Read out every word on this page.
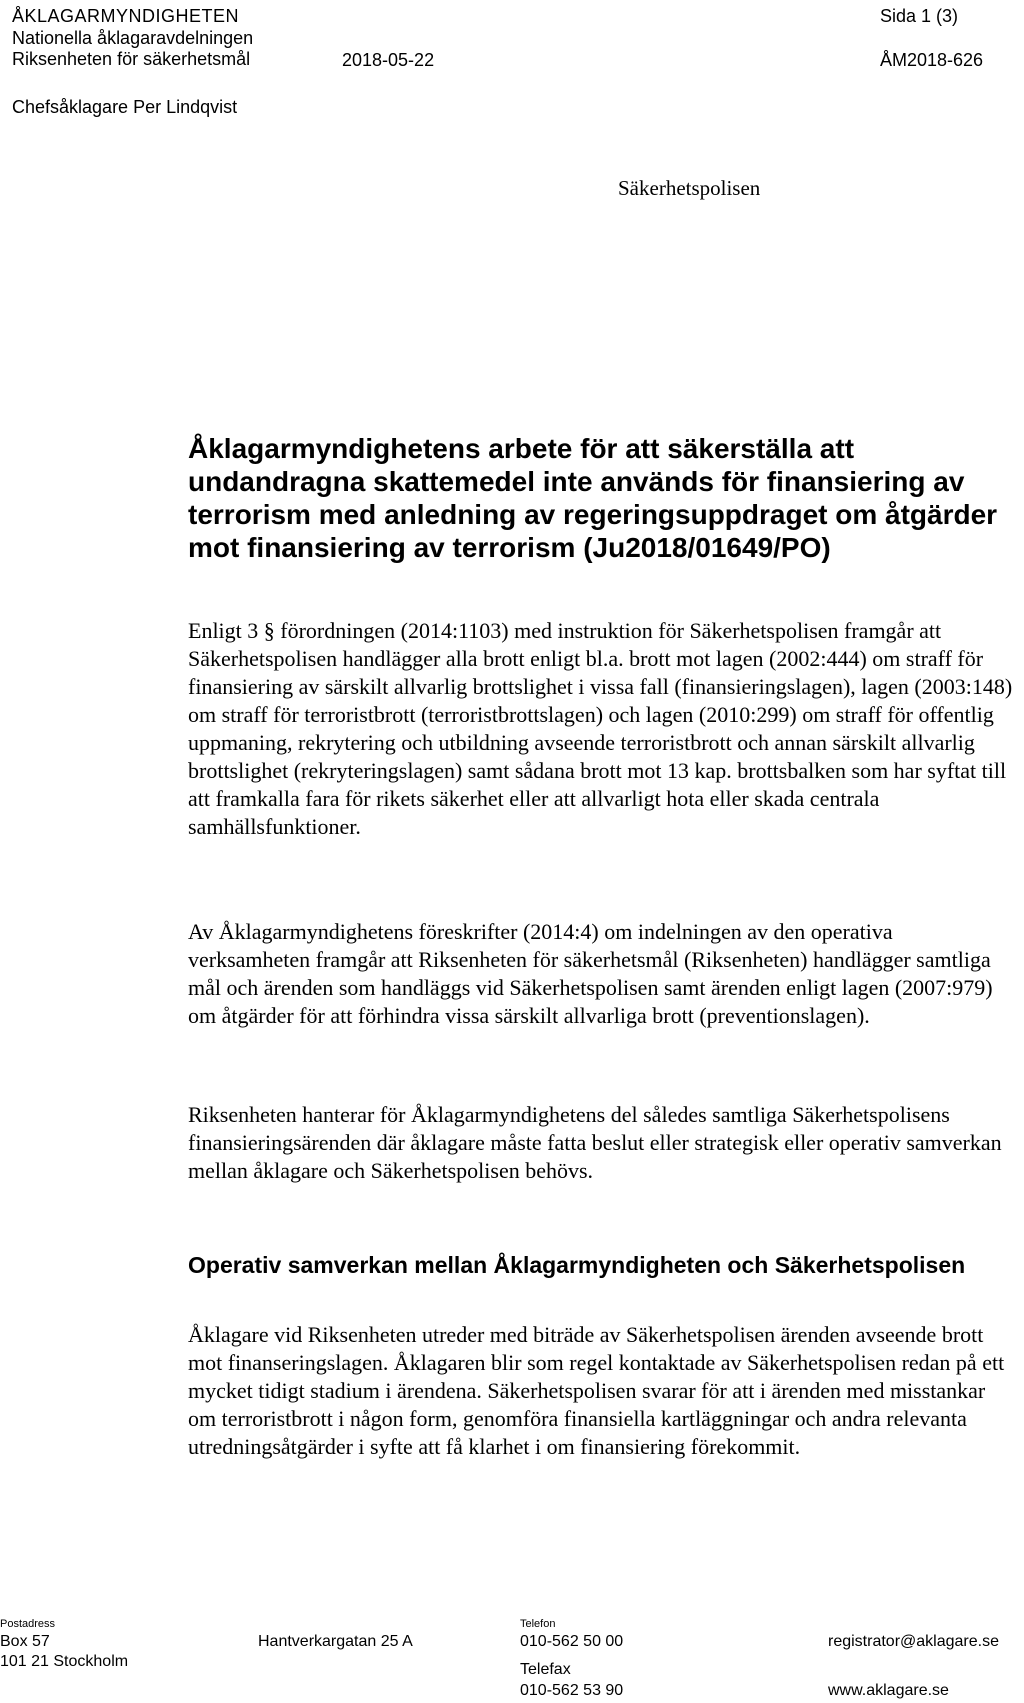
ÅKLAGARMYNDIGHETEN
Nationella åklagaravdelningen
Riksenheten för säkerhetsmål
Sida 1 (3)
2018-05-22	ÅM2018-626
Chefsåklagare Per Lindqvist
Säkerhetspolisen
Åklagarmyndighetens arbete för att säkerställa att undandragna skattemedel inte används för finansiering av terrorism med anledning av regeringsuppdraget om åtgärder mot finansiering av terrorism (Ju2018/01649/PO)
Enligt 3 § förordningen (2014:1103) med instruktion för Säkerhetspolisen framgår att Säkerhetspolisen handlägger alla brott enligt bl.a. brott mot lagen (2002:444) om straff för finansiering av särskilt allvarlig brottslighet i vissa fall (finansieringslagen), lagen (2003:148) om straff för terroristbrott (terroristbrottslagen) och lagen (2010:299) om straff för offentlig uppmaning, rekrytering och utbildning avseende terroristbrott och annan särskilt allvarlig brottslighet (rekryteringslagen) samt sådana brott mot 13 kap. brottsbalken som har syftat till att framkalla fara för rikets säkerhet eller att allvarligt hota eller skada centrala samhällsfunktioner.
Av Åklagarmyndighetens föreskrifter (2014:4) om indelningen av den operativa verksamheten framgår att Riksenheten för säkerhetsmål (Riksenheten) handlägger samtliga mål och ärenden som handläggs vid Säkerhetspolisen samt ärenden enligt lagen (2007:979) om åtgärder för att förhindra vissa särskilt allvarliga brott (preventionslagen).
Riksenheten hanterar för Åklagarmyndighetens del således samtliga Säkerhetspolisens finansieringsärenden där åklagare måste fatta beslut eller strategisk eller operativ samverkan mellan åklagare och Säkerhetspolisen behövs.
Operativ samverkan mellan Åklagarmyndigheten och Säkerhetspolisen
Åklagare vid Riksenheten utreder med biträde av Säkerhetspolisen ärenden avseende brott mot finanseringslagen. Åklagaren blir som regel kontaktade av Säkerhetspolisen redan på ett mycket tidigt stadium i ärendena. Säkerhetspolisen svarar för att i ärenden med misstankar om terroristbrott i någon form, genomföra finansiella kartläggningar och andra relevanta utredningsåtgärder i syfte att få klarhet i om finansiering förekommit.
Postadress
Box 57
101 21 Stockholm
Hantverkargatan 25 A
Telefon
010-562 50 00
Telefax
010-562 53 90
registrator@aklagare.se
www.aklagare.se
